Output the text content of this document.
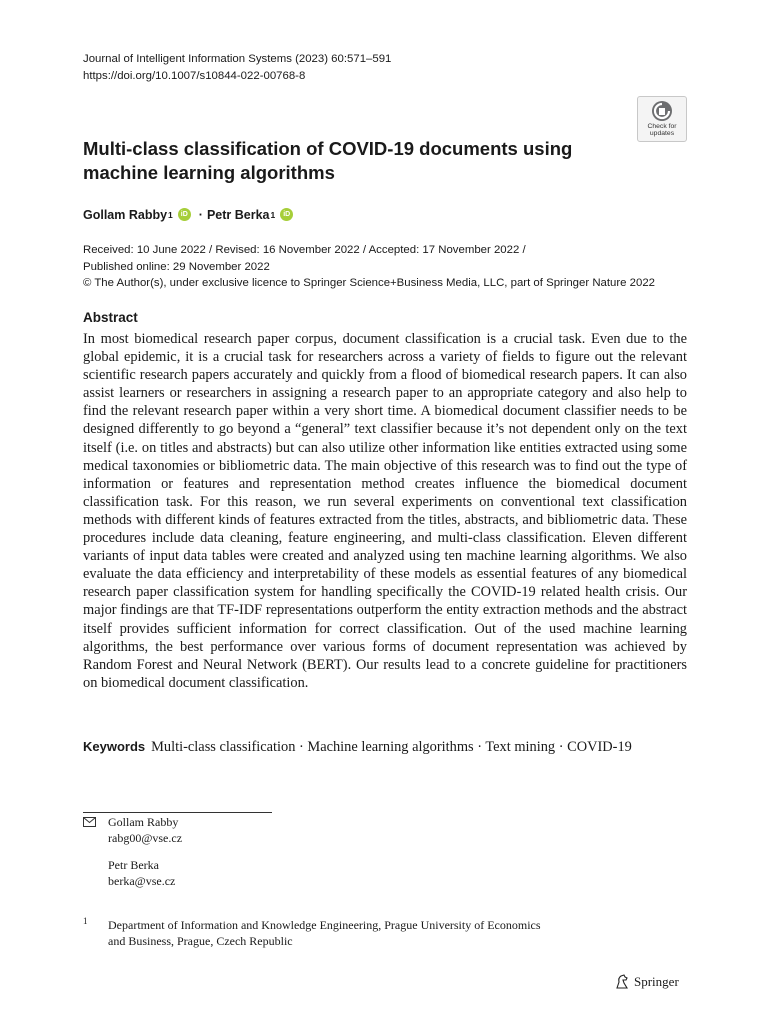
Journal of Intelligent Information Systems (2023) 60:571–591
https://doi.org/10.1007/s10844-022-00768-8
Check for
updates
Multi-class classification of COVID-19 documents using
machine learning algorithms
Gollam Rabby 1	iD · Petr Berka 1	iD
Received: 10 June 2022 / Revised: 16 November 2022 / Accepted: 17 November 2022 /
Published online: 29 November 2022
© The Author(s), under exclusive licence to Springer Science+Business Media, LLC, part of Springer Nature 2022
Abstract

In most biomedical research paper corpus, document classification is a crucial task. Even due to the global epidemic, it is a crucial task for researchers across a variety of fields to figure out the relevant scientific research papers accurately and quickly from a flood of biomedical research papers. It can also assist learners or researchers in assigning a research paper to an appropriate category and also help to find the relevant research paper within a very short time. A biomedical document classifier needs to be designed differently to go beyond a “general” text classifier because it’s not dependent only on the text itself (i.e. on titles and abstracts) but can also utilize other information like entities extracted using some medical taxonomies or bibliometric data. The main objective of this research was to find out the type of information or features and representation method creates influence the biomedical document classification task. For this reason, we run several experiments on conventional text classification methods with different kinds of features extracted from the titles, abstracts, and bibliometric data. These procedures include data cleaning, feature engineering, and multi-class classification. Eleven different variants of input data tables were created and analyzed using ten machine learning algorithms. We also evaluate the data efficiency and interpretability of these models as essential features of any biomedical research paper classification system for handling specifically the COVID-19 related health crisis. Our major findings are that TF-IDF representations outperform the entity extraction methods and the abstract itself provides sufficient information for correct classification. Out of the used machine learning algorithms, the best performance over various forms of document representation was achieved by Random Forest and Neural Network (BERT). Our results lead to a concrete guideline for practitioners on biomedical document classification.

Keywords Multi-class classification · Machine learning algorithms · Text mining · COVID-19
Gollam Rabby
rabg00@vse.cz
Petr Berka
berka@vse.cz
1 Department of Information and Knowledge Engineering, Prague University of Economics
and Business, Prague, Czech Republic
Springer
